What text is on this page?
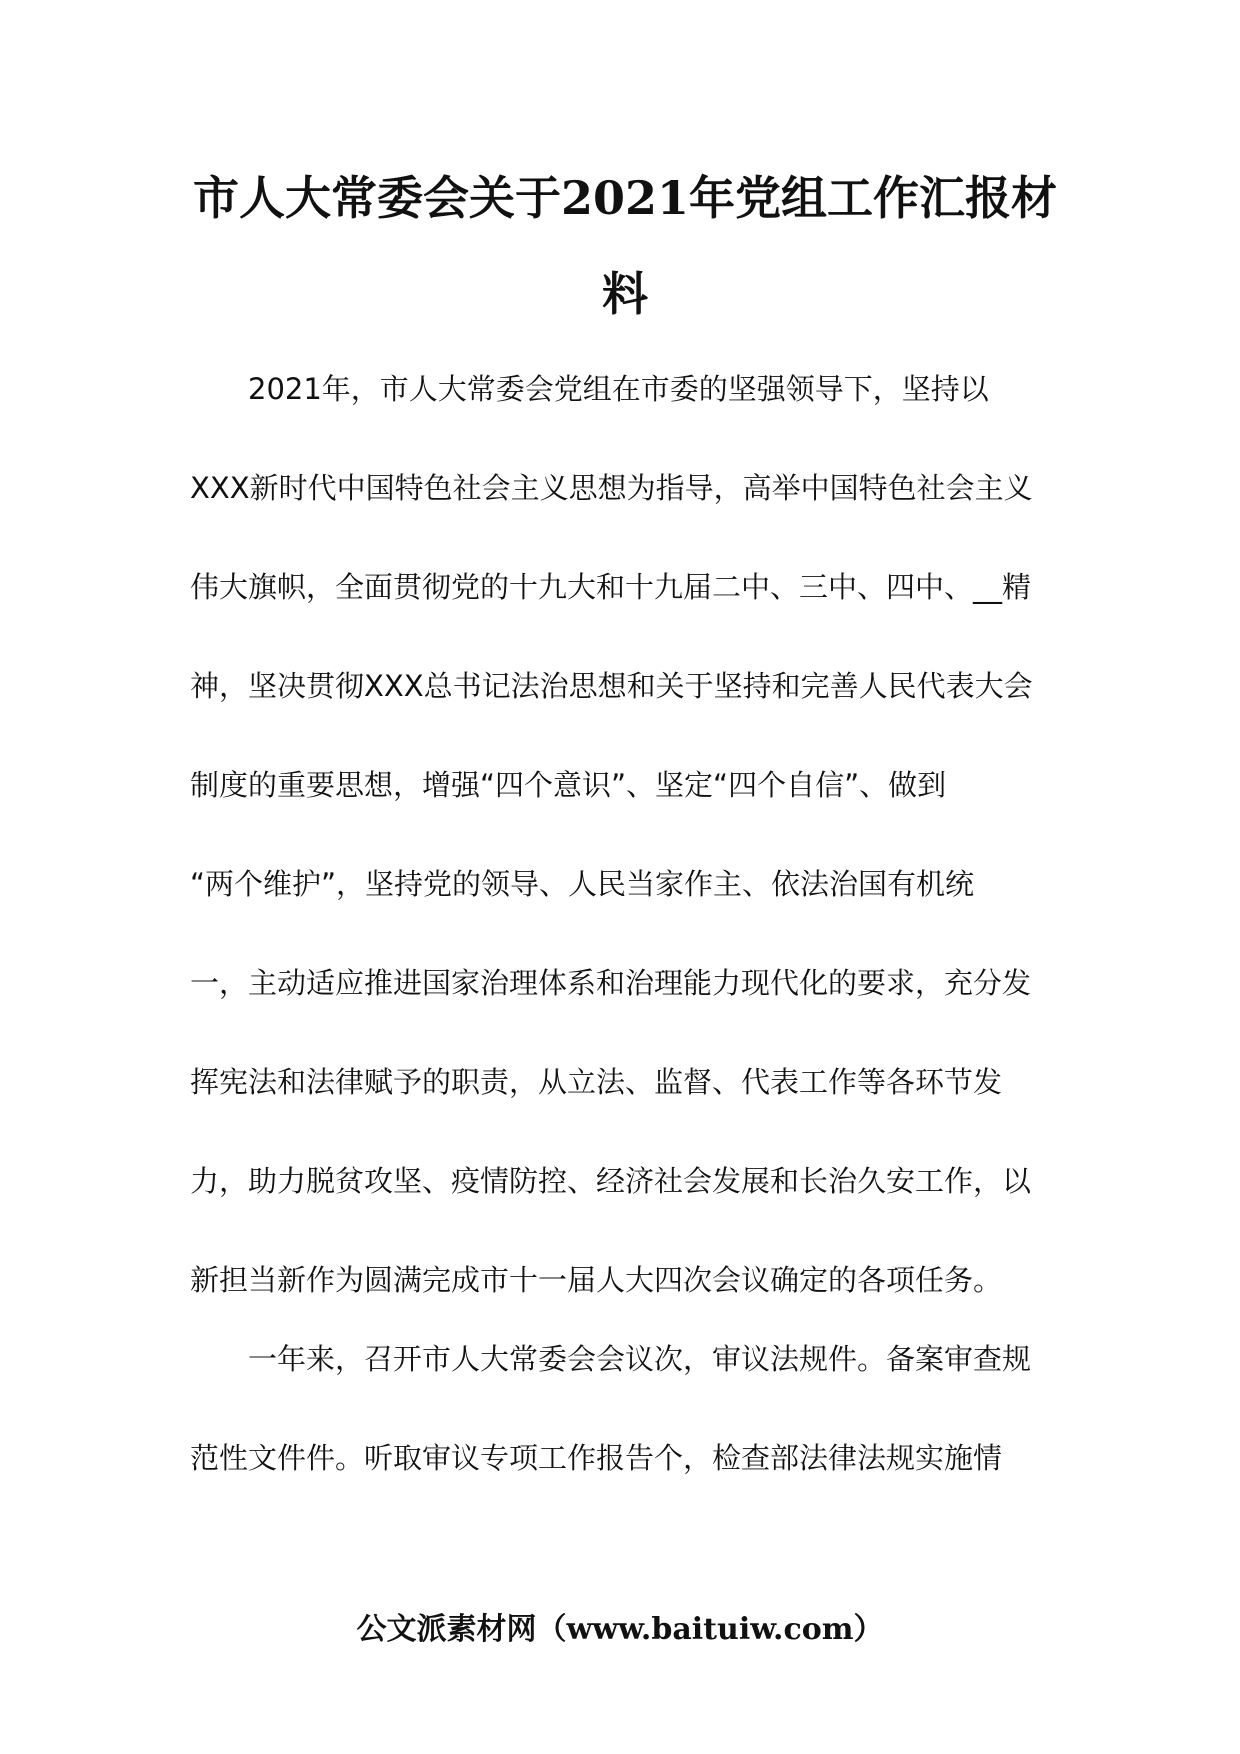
市人大常委会关于2021年党组工作汇报材
料
2021年，市人大常委会党组在市委的坚强领导下，坚持以
XXX新时代中国特色社会主义思想为指导，高举中国特色社会主义
伟大旗帜，全面贯彻党的十九大和十九届二中、三中、四中、__精
神，坚决贯彻XXX总书记法治思想和关于坚持和完善人民代表大会
制度的重要思想，增强“四个意识”、坚定“四个自信”、做到
“两个维护”，坚持党的领导、人民当家作主、依法治国有机统
一，主动适应推进国家治理体系和治理能力现代化的要求，充分发
挥宪法和法律赋予的职责，从立法、监督、代表工作等各环节发
力，助力脱贫攻坚、疫情防控、经济社会发展和长治久安工作，以
新担当新作为圆满完成市十一届人大四次会议确定的各项任务。
一年来，召开市人大常委会会议次，审议法规件。备案审查规
范性文件件。听取审议专项工作报告个，检查部法律法规实施情
公文派素材网（www.baituiw.com）
